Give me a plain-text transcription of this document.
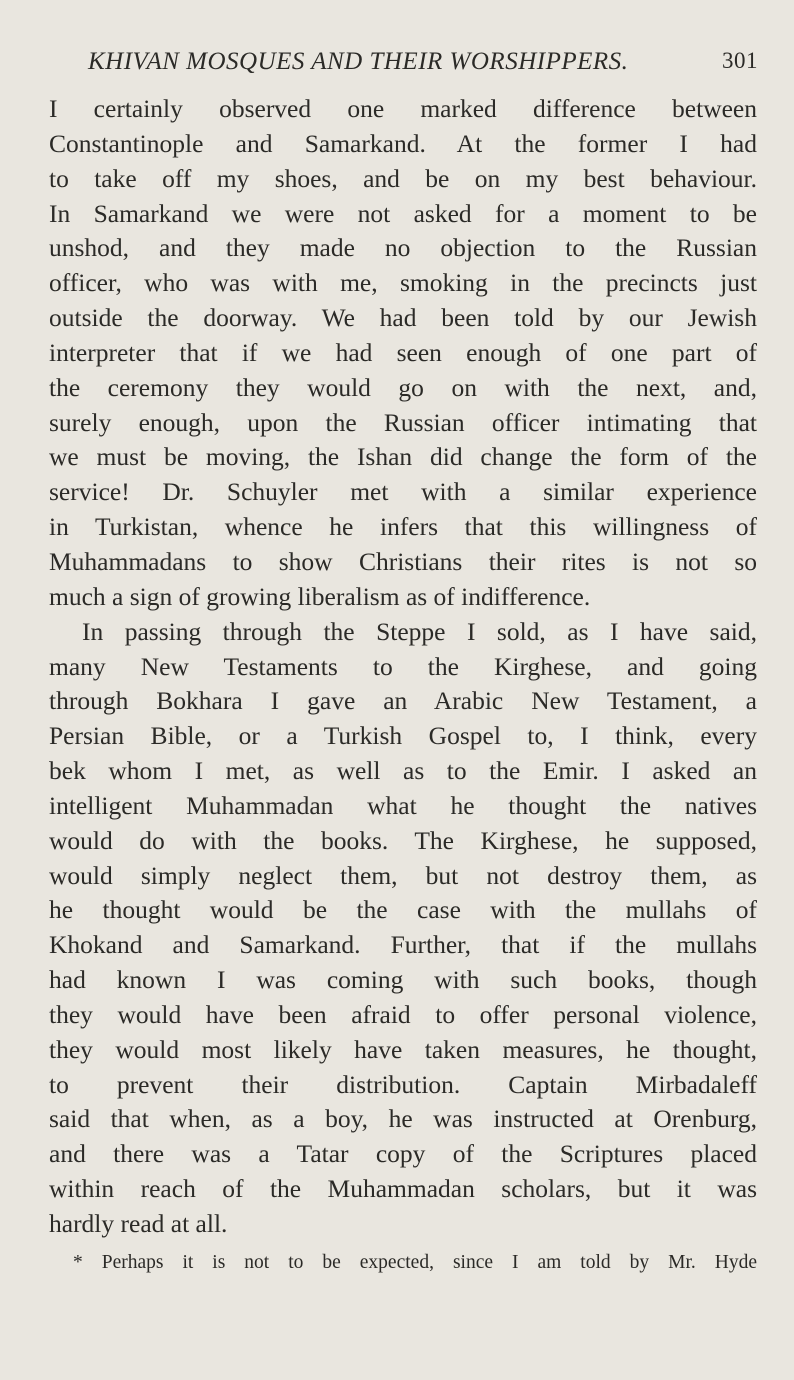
KHIVAN MOSQUES AND THEIR WORSHIPPERS.	301
I certainly observed one marked difference between
Constantinople and Samarkand. At the former I had
to take off my shoes, and be on my best behaviour.
In Samarkand we were not asked for a moment to be
unshod, and they made no objection to the Russian
officer, who was with me, smoking in the precincts just
outside the doorway. We had been told by our Jewish
interpreter that if we had seen enough of one part of
the ceremony they would go on with the next, and,
surely enough, upon the Russian officer intimating that
we must be moving, the Ishan did change the form of the
service! Dr. Schuyler met with a similar experience
in Turkistan, whence he infers that this willingness of
Muhammadans to show Christians their rites is not so
much a sign of growing liberalism as of indifference.
In passing through the Steppe I sold, as I have said,
many New Testaments to the Kirghese, and going
through Bokhara I gave an Arabic New Testament, a
Persian Bible, or a Turkish Gospel to, I think, every
bek whom I met, as well as to the Emir. I asked an
intelligent Muhammadan what he thought the natives
would do with the books. The Kirghese, he supposed,
would simply neglect them, but not destroy them, as
he thought would be the case with the mullahs of
Khokand and Samarkand. Further, that if the mullahs
had known I was coming with such books, though
they would have been afraid to offer personal violence,
they would most likely have taken measures, he thought,
to prevent their distribution. Captain Mirbadaleff
said that when, as a boy, he was instructed at Orenburg,
and there was a Tatar copy of the Scriptures placed
within reach of the Muhammadan scholars, but it was
hardly read at all.
* Perhaps it is not to be expected, since I am told by Mr. Hyde
